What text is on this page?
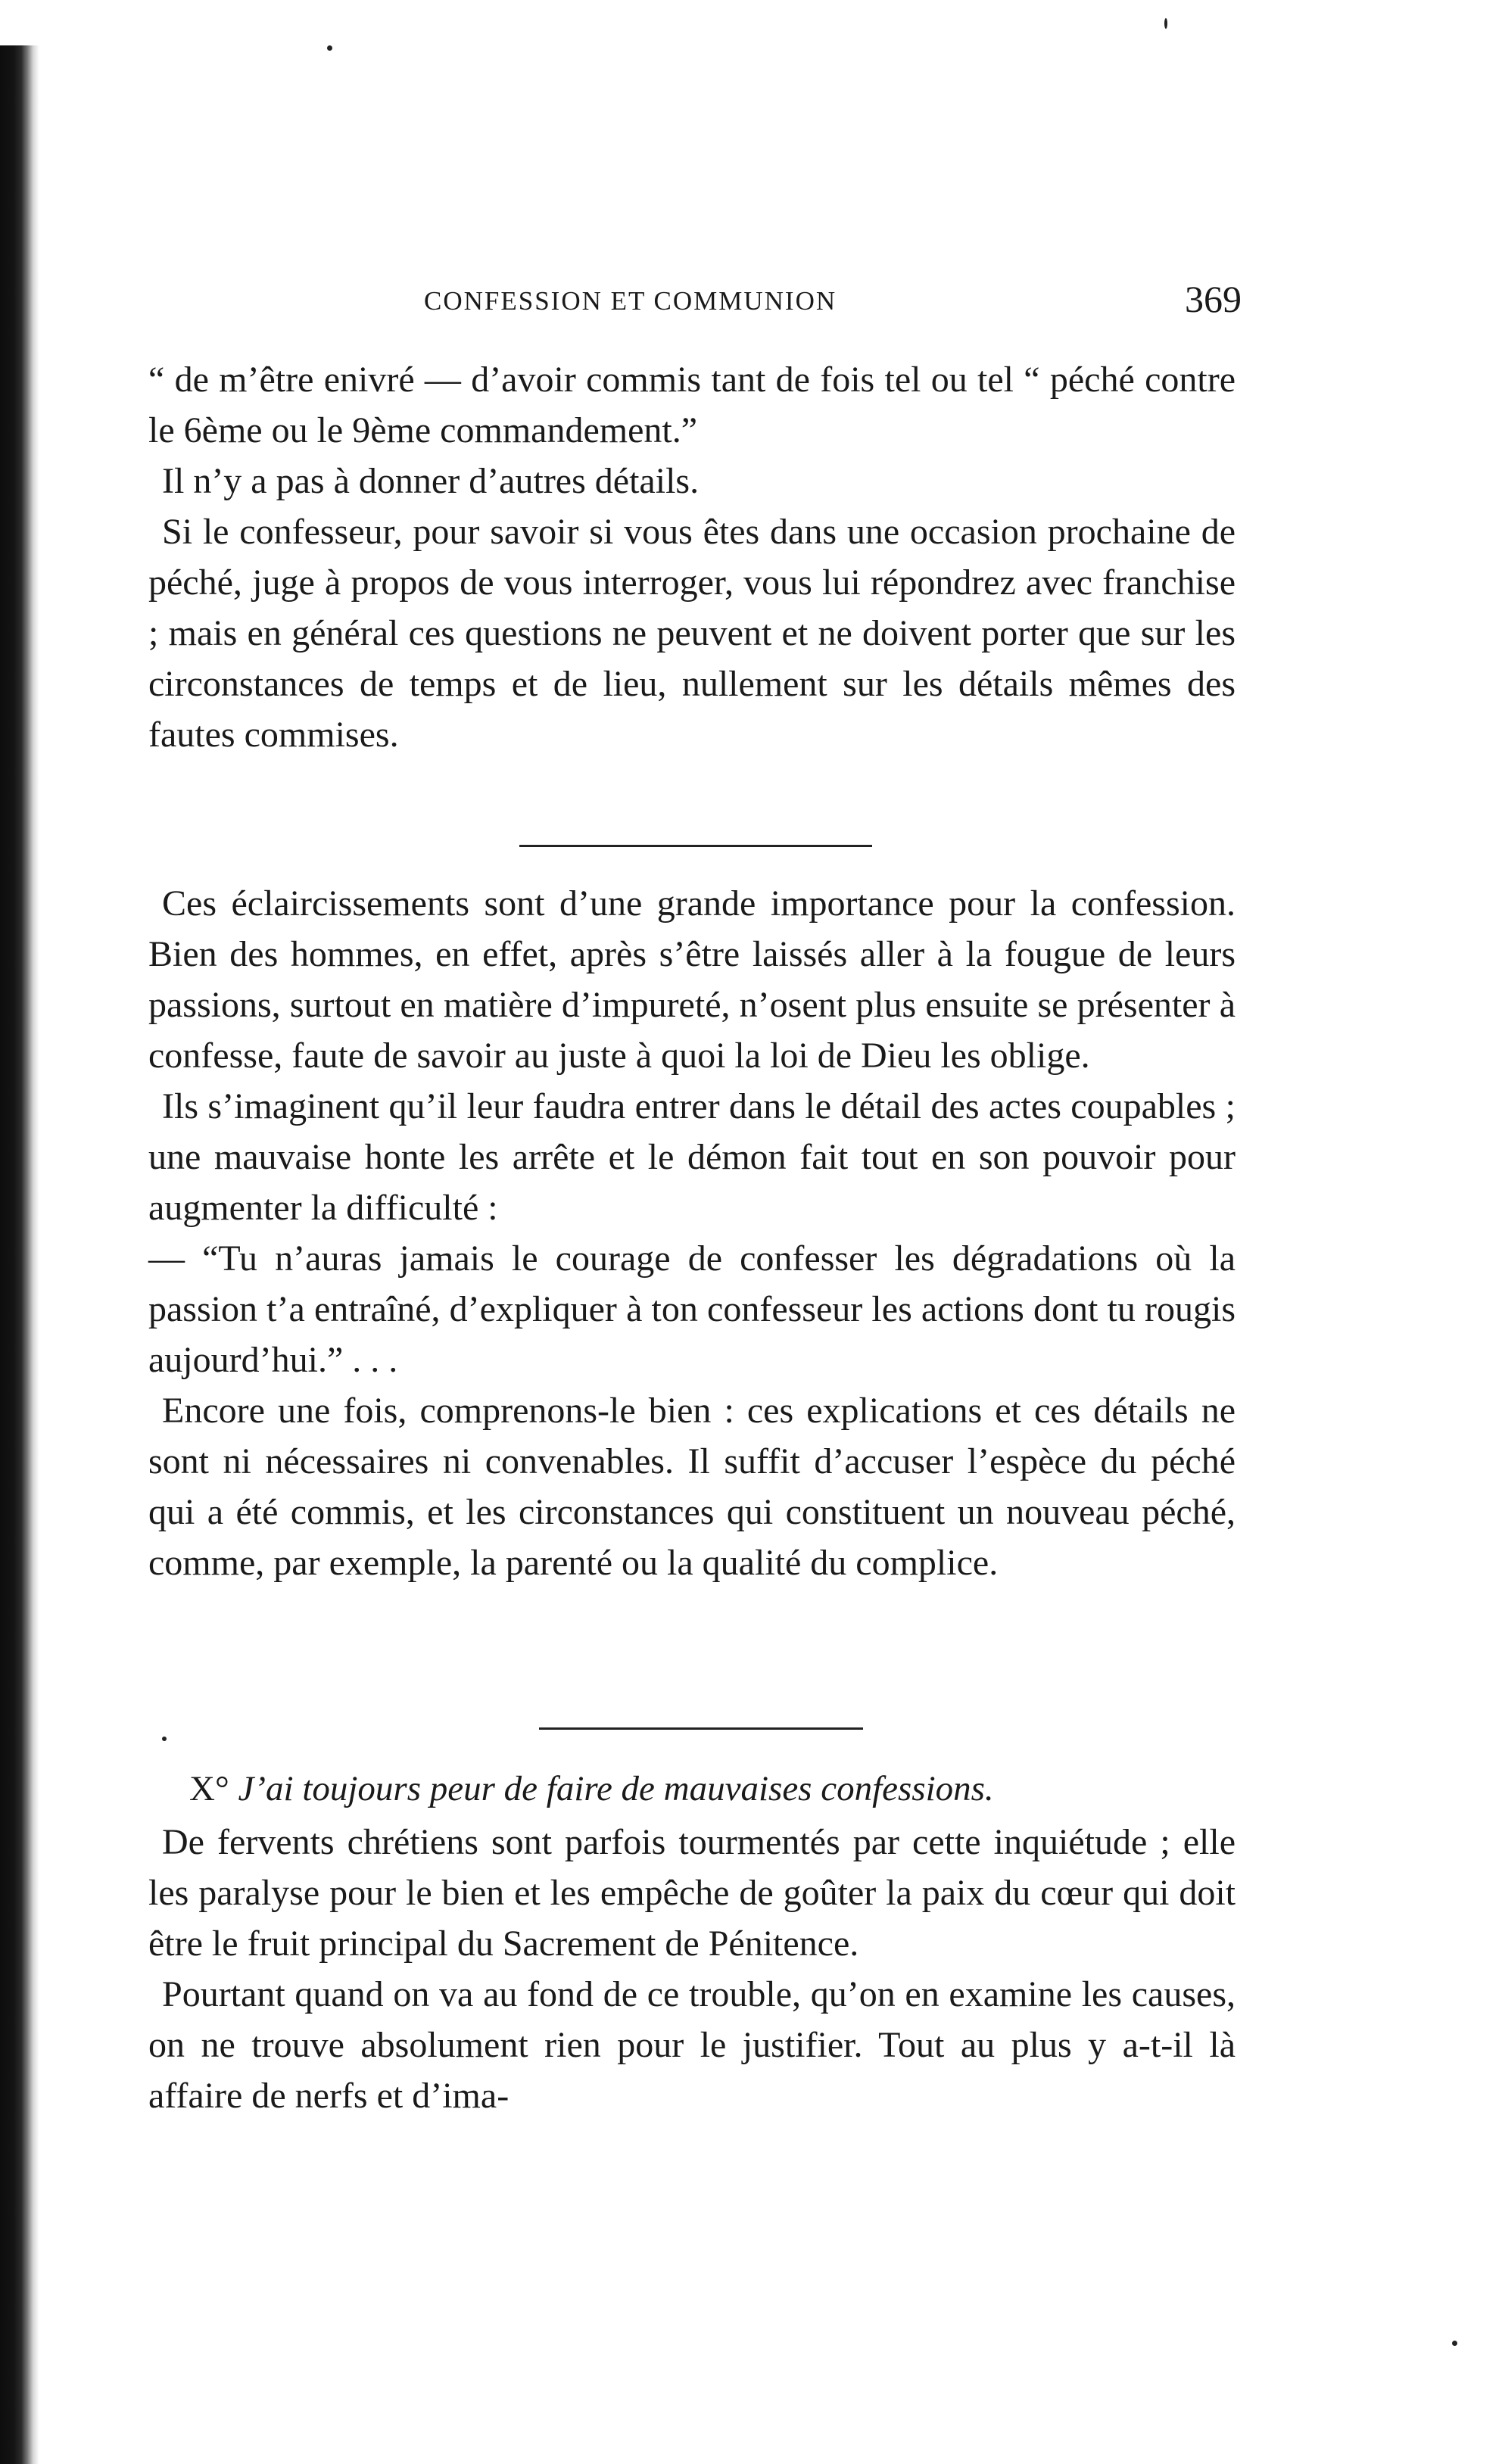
CONFESSION ET COMMUNION	369

“ de m’être enivré — d’avoir commis tant de fois tel ou tel “ péché contre le 6ème ou le 9ème commandement.”

Il n’y a pas à donner d’autres détails.

Si le confesseur, pour savoir si vous êtes dans une occasion prochaine de péché, juge à propos de vous interroger, vous lui répondrez avec franchise ; mais en général ces questions ne peuvent et ne doivent porter que sur les circonstances de temps et de lieu, nullement sur les détails mêmes des fautes commises.

Ces éclaircissements sont d’une grande importance pour la confession. Bien des hommes, en effet, après s’être laissés aller à la fougue de leurs passions, surtout en matière d’impureté, n’osent plus ensuite se présenter à confesse, faute de savoir au juste à quoi la loi de Dieu les oblige.

Ils s’imaginent qu’il leur faudra entrer dans le détail des actes coupables ; une mauvaise honte les arrête et le démon fait tout en son pouvoir pour augmenter la difficulté :

— “Tu n’auras jamais le courage de confesser les dégradations où la passion t’a entraîné, d’expliquer à ton confesseur les actions dont tu rougis aujourd’hui.” . . .

Encore une fois, comprenons-le bien : ces explications et ces détails ne sont ni nécessaires ni convenables. Il suffit d’accuser l’espèce du péché qui a été commis, et les circonstances qui constituent un nouveau péché, comme, par exemple, la parenté ou la qualité du complice.

X° J’ai toujours peur de faire de mauvaises confessions.

De fervents chrétiens sont parfois tourmentés par cette inquiétude ; elle les paralyse pour le bien et les empêche de goûter la paix du cœur qui doit être le fruit principal du Sacrement de Pénitence.

Pourtant quand on va au fond de ce trouble, qu’on en examine les causes, on ne trouve absolument rien pour le justifier. Tout au plus y a-t-il là affaire de nerfs et d’ima-
